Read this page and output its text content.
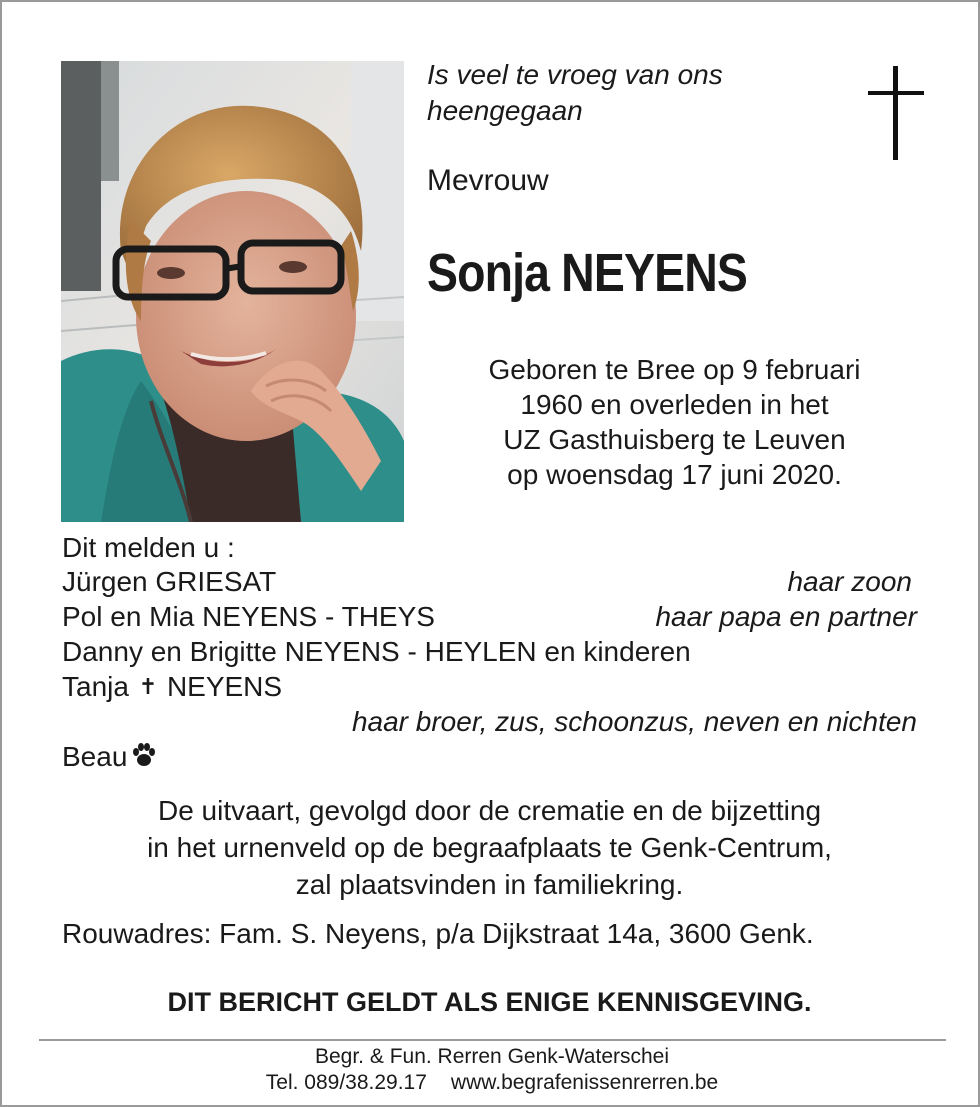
Is veel te vroeg van ons
heengegaan
Mevrouw
Sonja NEYENS
Geboren te Bree op 9 februari
1960 en overleden in het
UZ Gasthuisberg te Leuven
op woensdag 17 juni 2020.
Dit melden u :
Jürgen GRIESAT	haar zoon
Pol en Mia NEYENS - THEYS	haar papa en partner
Danny en Brigitte NEYENS - HEYLEN en kinderen
Tanja ✝ NEYENS
haar broer, zus, schoonzus, neven en nichten
Beau
De uitvaart, gevolgd door de crematie en de bijzetting
in het urnenveld op de begraafplaats te Genk-Centrum,
zal plaatsvinden in familiekring.
Rouwadres: Fam. S. Neyens, p/a Dijkstraat 14a, 3600 Genk.
DIT BERICHT GELDT ALS ENIGE KENNISGEVING.
Begr. & Fun. Rerren Genk-Waterschei
Tel. 089/38.29.17 www.begrafenissenrerren.be
